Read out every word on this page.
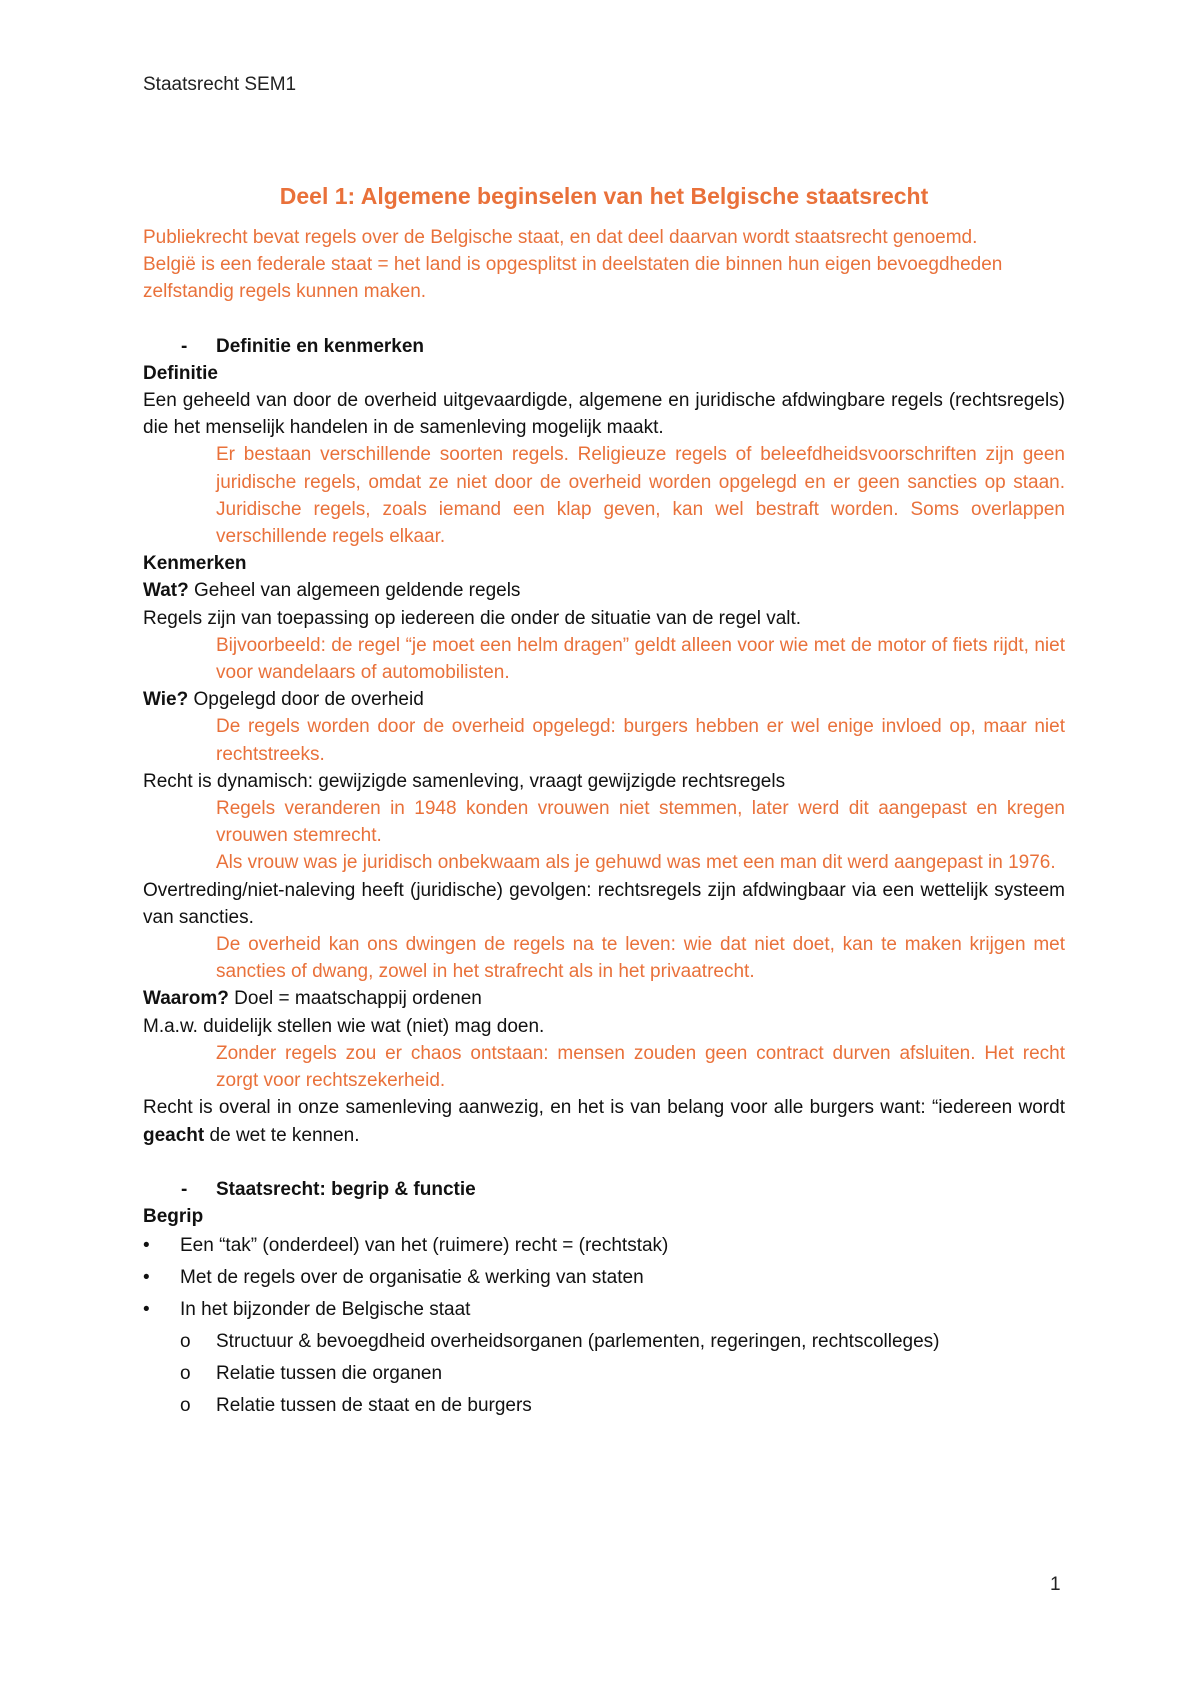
Staatsrecht SEM1
Deel 1: Algemene beginselen van het Belgische staatsrecht

Publiekrecht bevat regels over de Belgische staat, en dat deel daarvan wordt staatsrecht genoemd.

België is een federale staat = het land is opgesplitst in deelstaten die binnen hun eigen bevoegdheden zelfstandig regels kunnen maken.

-	Definitie en kenmerken

Definitie

Een geheeld van door de overheid uitgevaardigde, algemene en juridische afdwingbare regels (rechtsregels) die het menselijk handelen in de samenleving mogelijk maakt.

Er bestaan verschillende soorten regels. Religieuze regels of beleefdheidsvoorschriften zijn geen juridische regels, omdat ze niet door de overheid worden opgelegd en er geen sancties op staan. Juridische regels, zoals iemand een klap geven, kan wel bestraft worden. Soms overlappen verschillende regels elkaar.

Kenmerken

Wat? Geheel van algemeen geldende regels

Regels zijn van toepassing op iedereen die onder de situatie van de regel valt.

Bijvoorbeeld: de regel “je moet een helm dragen” geldt alleen voor wie met de motor of fiets rijdt, niet voor wandelaars of automobilisten.

Wie? Opgelegd door de overheid

De regels worden door de overheid opgelegd: burgers hebben er wel enige invloed op, maar niet rechtstreeks.

Recht is dynamisch: gewijzigde samenleving, vraagt gewijzigde rechtsregels

Regels veranderen in 1948 konden vrouwen niet stemmen, later werd dit aangepast en kregen vrouwen stemrecht.

Als vrouw was je juridisch onbekwaam als je gehuwd was met een man dit werd aangepast in 1976.

Overtreding/niet-naleving heeft (juridische) gevolgen: rechtsregels zijn afdwingbaar via een wettelijk systeem van sancties.

De overheid kan ons dwingen de regels na te leven: wie dat niet doet, kan te maken krijgen met sancties of dwang, zowel in het strafrecht als in het privaatrecht.

Waarom? Doel = maatschappij ordenen

M.a.w. duidelijk stellen wie wat (niet) mag doen.

Zonder regels zou er chaos ontstaan: mensen zouden geen contract durven afsluiten. Het recht zorgt voor rechtszekerheid.

Recht is overal in onze samenleving aanwezig, en het is van belang voor alle burgers want: “iedereen wordt geacht de wet te kennen.

-	Staatsrecht: begrip & functie

Begrip

•	Een “tak” (onderdeel) van het (ruimere) recht = (rechtstak)
•	Met de regels over de organisatie & werking van staten
•	In het bijzonder de Belgische staat
o	Structuur & bevoegdheid overheidsorganen (parlementen, regeringen, rechtscolleges)
o	Relatie tussen die organen
o	Relatie tussen de staat en de burgers
1
